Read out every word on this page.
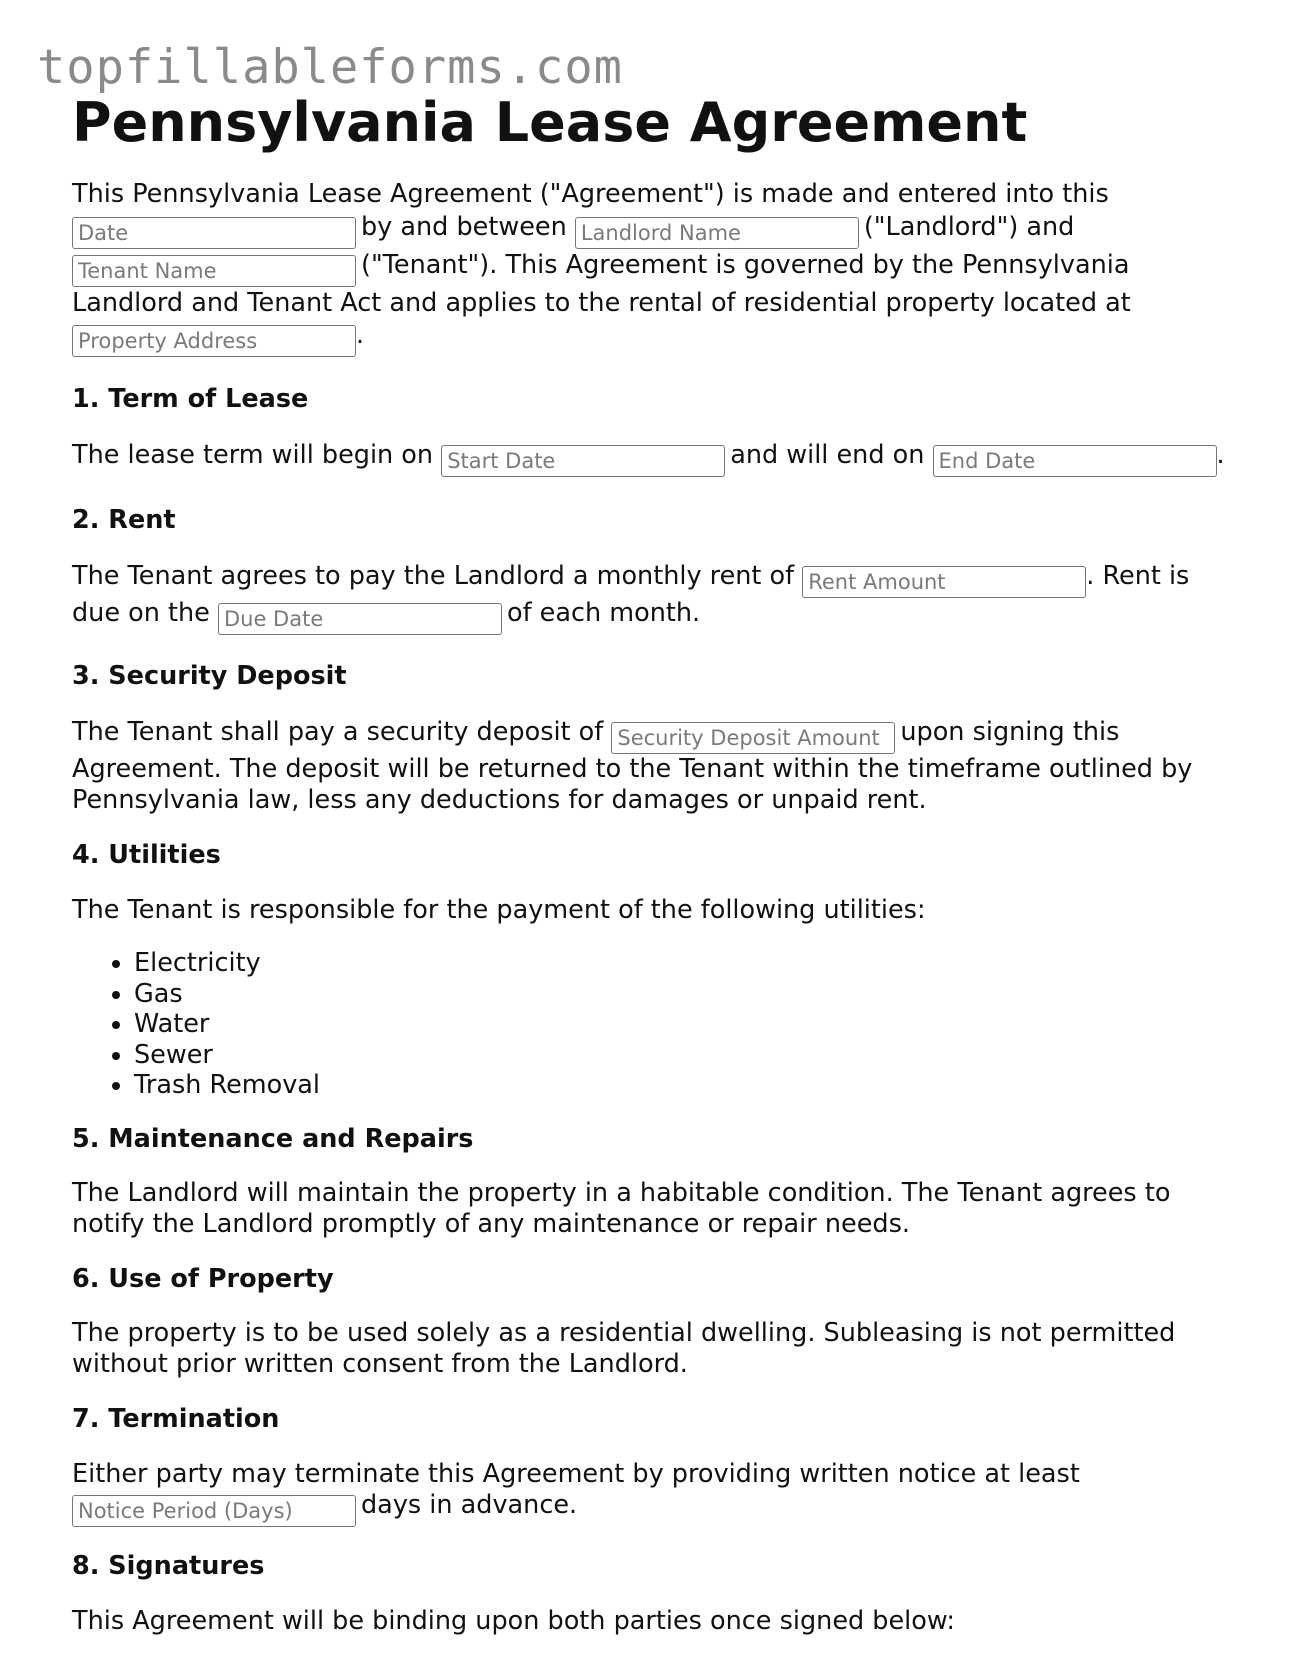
topfillableforms.com
Pennsylvania Lease Agreement

This Pennsylvania Lease Agreement ("Agreement") is made and entered into this
Dateby and between Landlord Name	("Landlord") and
Tenant Name("Tenant"). This Agreement is governed by the Pennsylvania Landlord and Tenant Act and applies to the rental of residential property located at
Property Address.

1. Term of Lease

The lease term will begin on Start Date	and will end on End Date	.

2. Rent

The Tenant agrees to pay the Landlord a monthly rent of Rent Amount	. Rent is due on the Due Date	of each month.

3. Security Deposit

The Tenant shall pay a security deposit of Security Deposit Amount	upon signing this Agreement. The deposit will be returned to the Tenant within the timeframe outlined by Pennsylvania law, less any deductions for damages or unpaid rent.

4. Utilities

The Tenant is responsible for the payment of the following utilities:

• Electricity
• Gas
• Water
• Sewer
• Trash Removal
5. Maintenance and Repairs

The Landlord will maintain the property in a habitable condition. The Tenant agrees to notify the Landlord promptly of any maintenance or repair needs.

6. Use of Property

The property is to be used solely as a residential dwelling. Subleasing is not permitted without prior written consent from the Landlord.

7. Termination

Either party may terminate this Agreement by providing written notice at least
Notice Period (Days)days in advance.

8. Signatures

This Agreement will be binding upon both parties once signed below:
